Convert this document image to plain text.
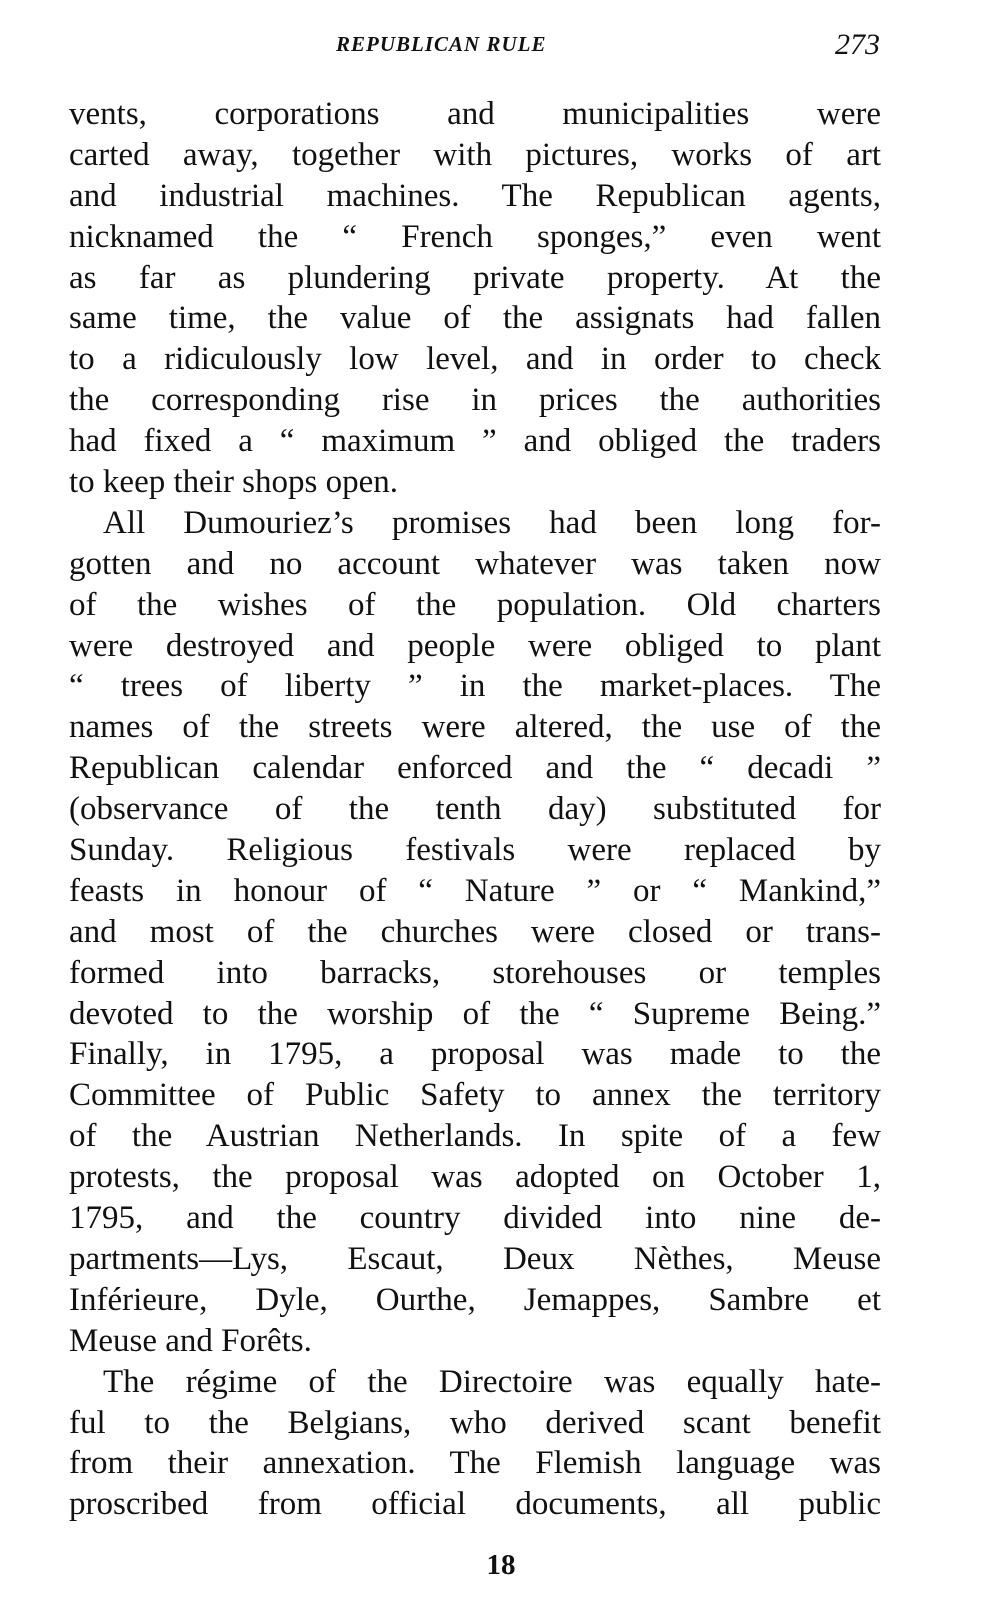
REPUBLICAN RULE	273
vents, corporations and municipalities were
carted away, together with pictures, works of art
and industrial machines. The Republican agents,
nicknamed the “ French sponges,” even went
as far as plundering private property. At the
same time, the value of the assignats had fallen
to a ridiculously low level, and in order to check
the corresponding rise in prices the authorities
had fixed a “ maximum ” and obliged the traders
to keep their shops open.
All Dumouriez’s promises had been long for-
gotten and no account whatever was taken now
of the wishes of the population. Old charters
were destroyed and people were obliged to plant
“ trees of liberty ” in the market-places. The
names of the streets were altered, the use of the
Republican calendar enforced and the “ decadi ”
(observance of the tenth day) substituted for
Sunday. Religious festivals were replaced by
feasts in honour of “ Nature ” or “ Mankind,”
and most of the churches were closed or trans-
formed into barracks, storehouses or temples
devoted to the worship of the “ Supreme Being.”
Finally, in 1795, a proposal was made to the
Committee of Public Safety to annex the territory
of the Austrian Netherlands. In spite of a few
protests, the proposal was adopted on October 1,
1795, and the country divided into nine de-
partments—Lys, Escaut, Deux Nèthes, Meuse
Inférieure, Dyle, Ourthe, Jemappes, Sambre et
Meuse and Forêts.
The régime of the Directoire was equally hate-
ful to the Belgians, who derived scant benefit
from their annexation. The Flemish language was
proscribed from official documents, all public
18
